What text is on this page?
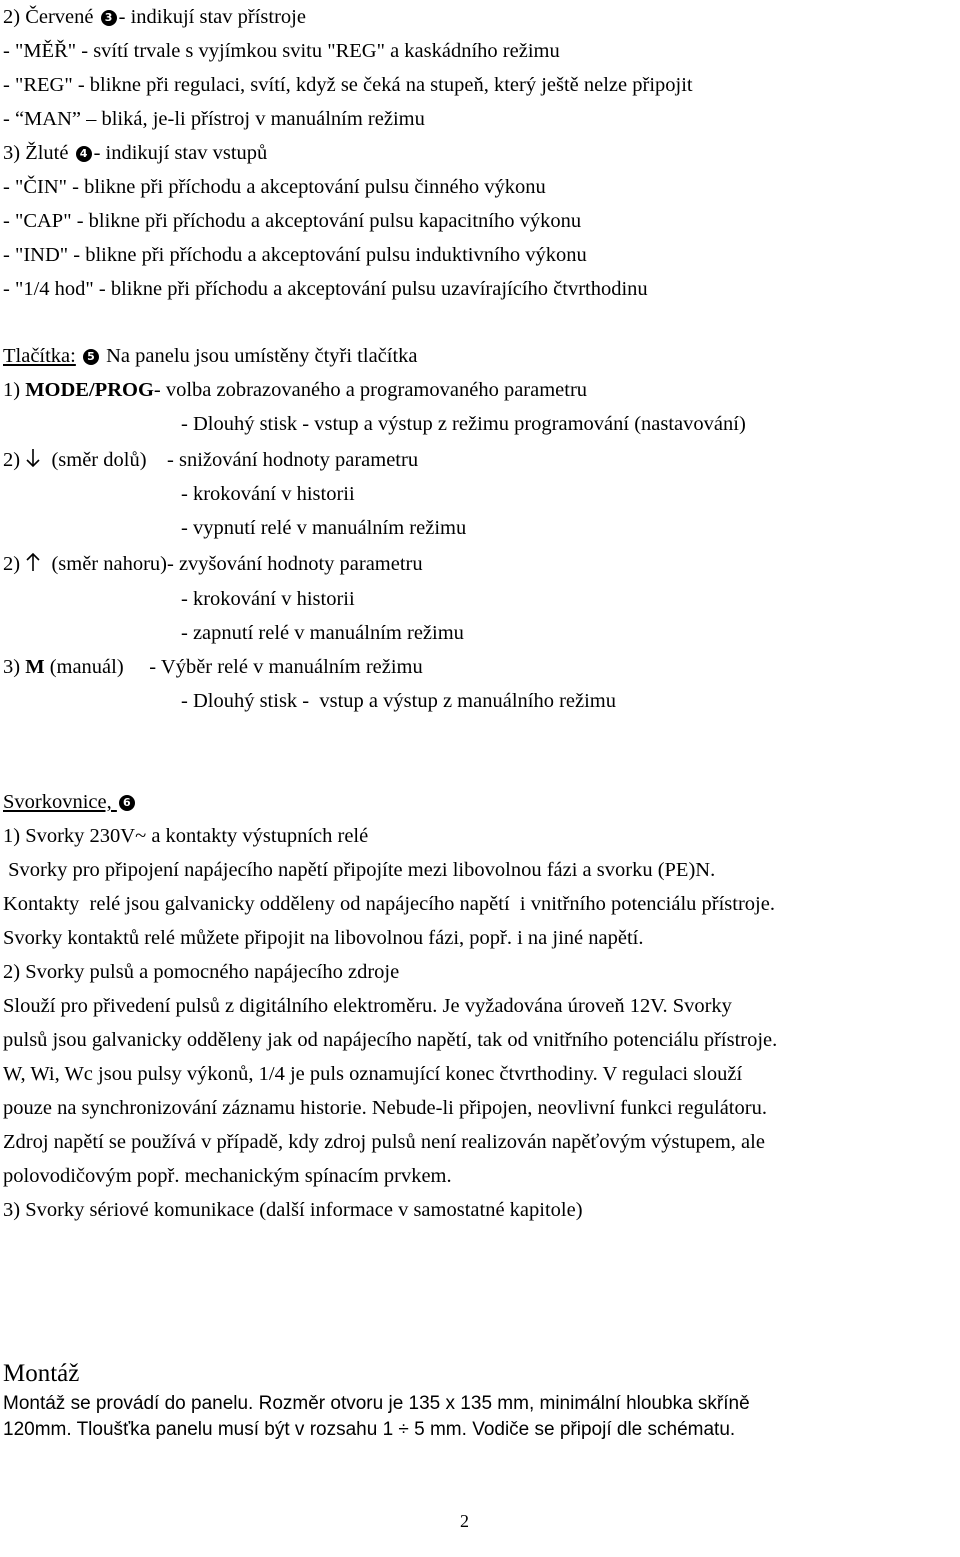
2) Červené 3 - indikují stav přístroje
- "MĚŘ" - svítí trvale s vyjímkou svitu "REG" a kaskádního režimu
- "REG" - blikne při regulaci, svítí, když se čeká na stupeň, který ještě nelze připojit
- “MAN” – bliká, je-li přístroj v manuálním režimu
3) Žluté 4 - indikují stav vstupů
- "ČIN" - blikne při příchodu a akceptování pulsu činného výkonu
- "CAP" - blikne při příchodu a akceptování pulsu kapacitního výkonu
- "IND" - blikne při příchodu a akceptování pulsu induktivního výkonu
- "1/4 hod" - blikne při příchodu a akceptování pulsu uzavírajícího čtvrthodinu
Tlačítka: 5 Na panelu jsou umístěny čtyři tlačítka
1) MODE/PROG- volba zobrazovaného a programovaného parametru
- Dlouhý stisk - vstup a výstup z režimu programování (nastavování)
2)   (směr dolů)    - snižování hodnoty parametru
- krokování v historii
- vypnutí relé v manuálním režimu
2)   (směr nahoru)- zvyšování hodnoty parametru
- krokování v historii
- zapnutí relé v manuálním režimu
3) M (manuál)     - Výběr relé v manuálním režimu
- Dlouhý stisk -  vstup a výstup z manuálního režimu
Svorkovnice, 6
1) Svorky 230V~ a kontakty výstupních relé
Svorky pro připojení napájecího napětí připojíte mezi libovolnou fázi a svorku (PE)N.
Kontakty  relé jsou galvanicky odděleny od napájecího napětí  i vnitřního potenciálu přístroje.
Svorky kontaktů relé můžete připojit na libovolnou fázi, popř. i na jiné napětí.
2) Svorky pulsů a pomocného napájecího zdroje
Slouží pro přivedení pulsů z digitálního elektroměru. Je vyžadována úroveň 12V. Svorky
pulsů jsou galvanicky odděleny jak od napájecího napětí, tak od vnitřního potenciálu přístroje.
W, Wi, Wc jsou pulsy výkonů, 1/4 je puls oznamující konec čtvrthodiny. V regulaci slouží
pouze na synchronizování záznamu historie. Nebude-li připojen, neovlivní funkci regulátoru.
Zdroj napětí se používá v případě, kdy zdroj pulsů není realizován napěťovým výstupem, ale
polovodičovým popř. mechanickým spínacím prvkem.
3) Svorky sériové komunikace (další informace v samostatné kapitole)
Montáž
Montáž se provádí do panelu. Rozměr otvoru je 135 x 135 mm, minimální hloubka skříně
120mm. Tloušťka panelu musí být v rozsahu 1 ÷ 5 mm. Vodiče se připojí dle schématu.
2
